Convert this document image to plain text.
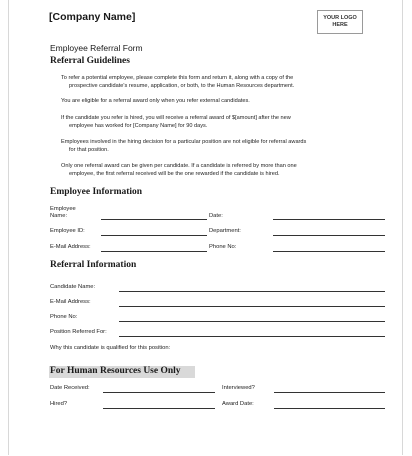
[Company Name]	YOUR LOGO
HERE
Employee Referral Form
Referral Guidelines
To refer a potential employee, please complete this form and return it, along with a copy of the
prospective candidate's resume, application, or both, to the Human Resources department.
You are eligible for a referral award only when you refer external candidates.
If the candidate you refer is hired, you will receive a referral award of $[amount] after the new
employee has worked for [Company Name] for 90 days.
Employees involved in the hiring decision for a particular position are not eligible for referral awards
for that position.
Only one referral award can be given per candidate. If a candidate is referred by more than one
employee, the first referral received will be the one rewarded if the candidate is hired.
Employee Information
Employee
Name:	Date:
Employee ID:	Department:
E-Mail Address:	Phone No:
Referral Information
Candidate Name:
E-Mail Address:
Phone No:
Position Referred For:
Why this candidate is qualified for this position:
For Human Resources Use Only
Date Received:	Interviewed?
Hired?	Award Date:
